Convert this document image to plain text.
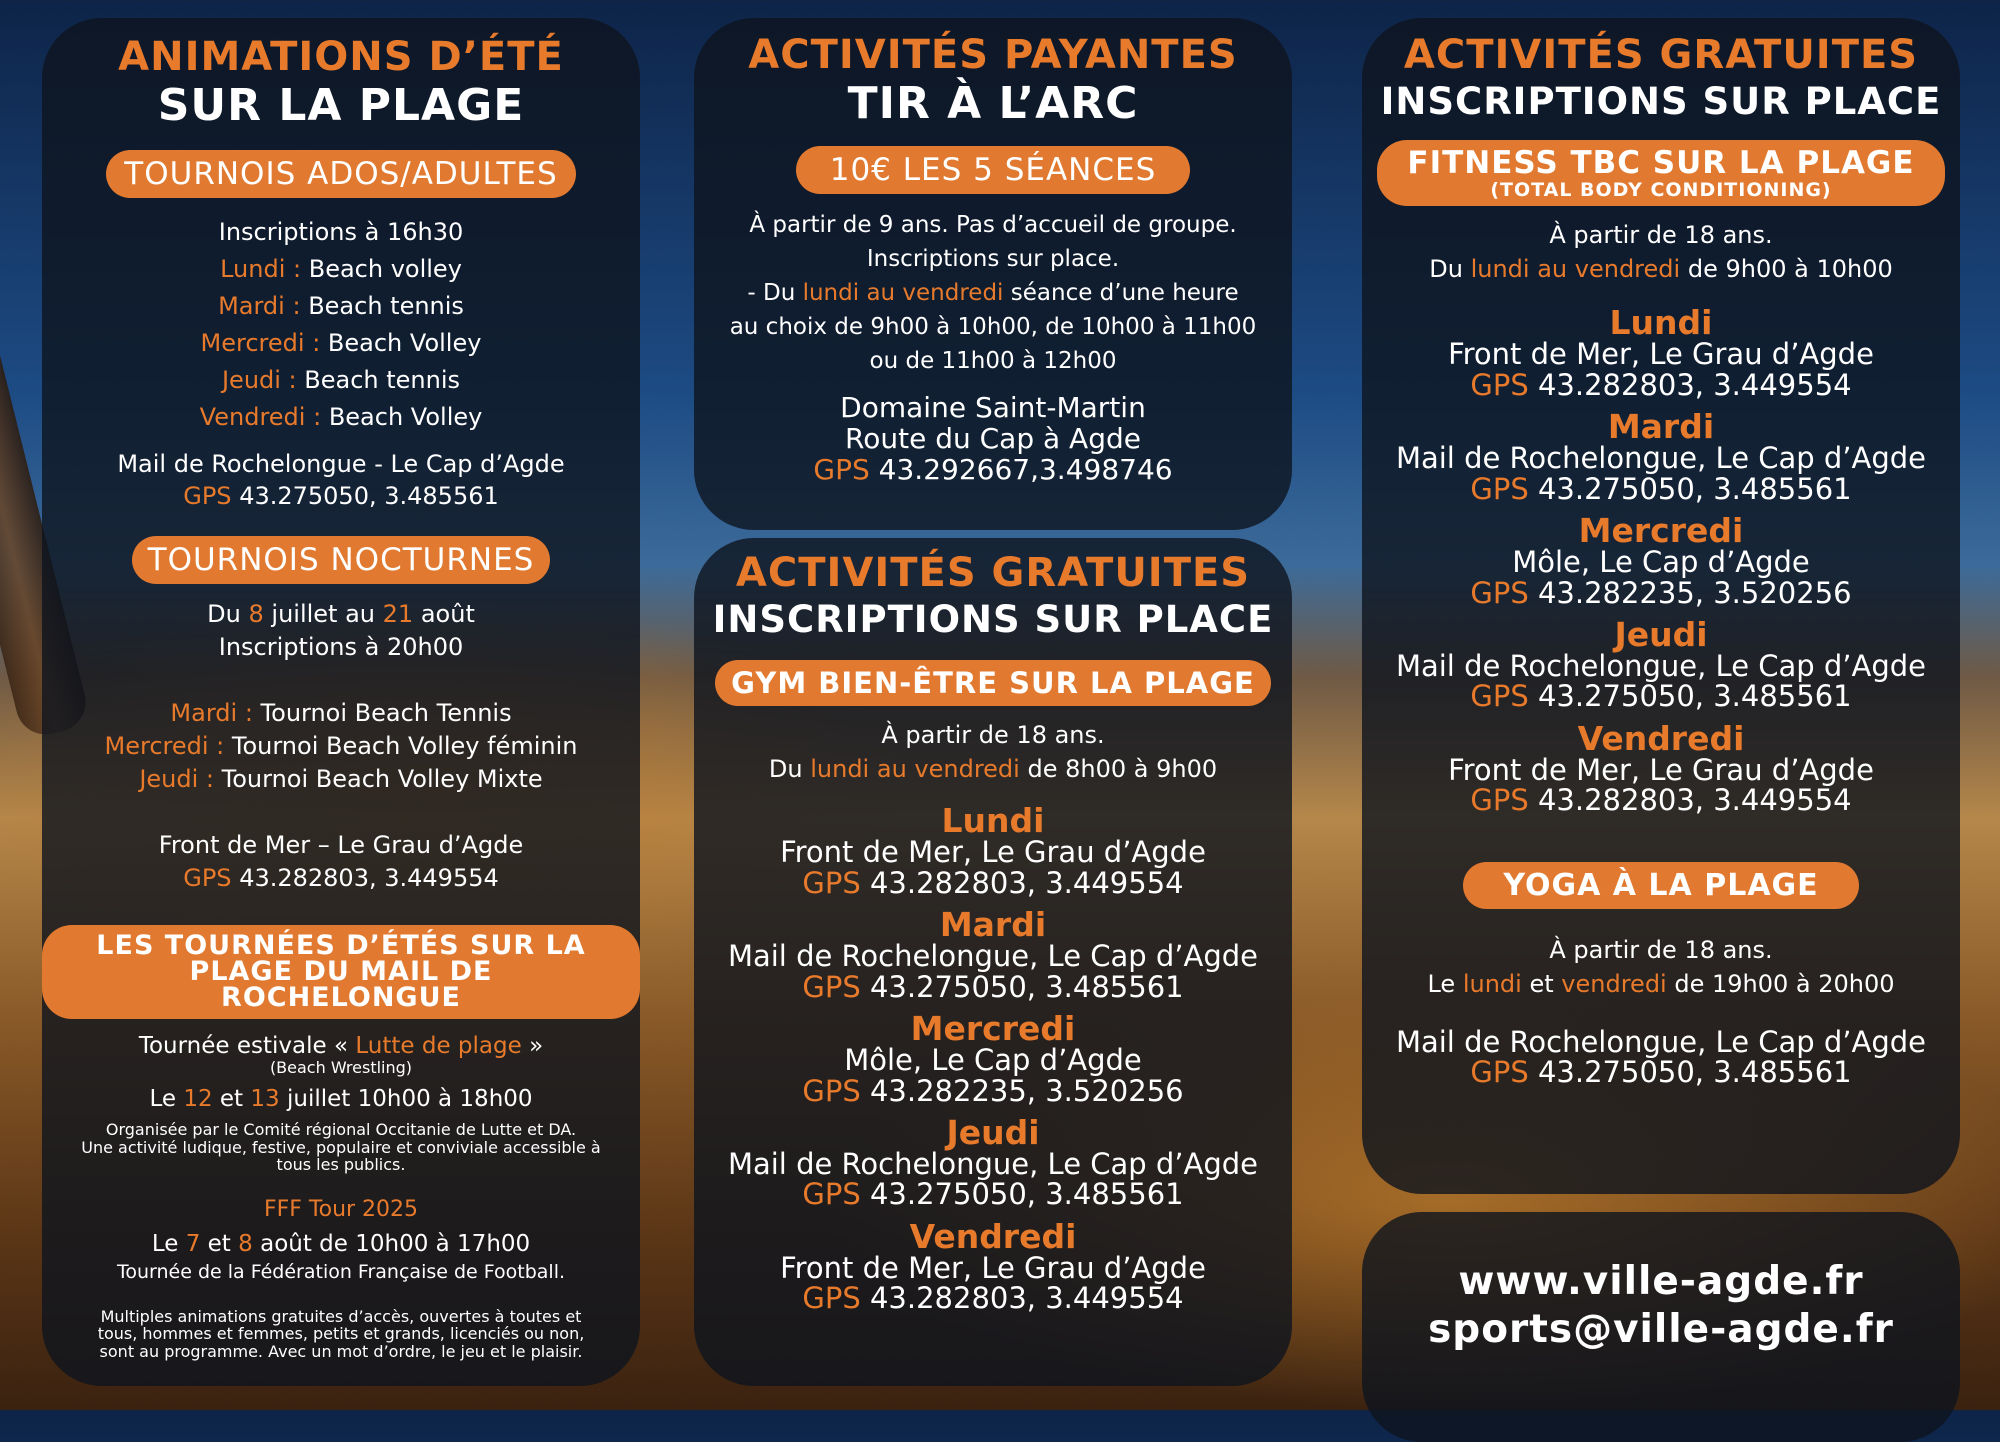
ANIMATIONS D’ÉTÉ
SUR LA PLAGE
TOURNOIS ADOS/ADULTES
Inscriptions à 16h30
Lundi : Beach volley
Mardi : Beach tennis
Mercredi : Beach Volley
Jeudi : Beach tennis
Vendredi : Beach Volley
Mail de Rochelongue - Le Cap d’Agde
GPS 43.275050, 3.485561
TOURNOIS NOCTURNES
Du 8 juillet au 21 août
Inscriptions à 20h00
Mardi : Tournoi Beach Tennis
Mercredi : Tournoi Beach Volley féminin
Jeudi : Tournoi Beach Volley Mixte
Front de Mer – Le Grau d’Agde
GPS 43.282803, 3.449554
LES TOURNÉES D’ÉTÉS SUR LA
PLAGE DU MAIL DE ROCHELONGUE
Tournée estivale « Lutte de plage »
(Beach Wrestling)
Le 12 et 13 juillet 10h00 à 18h00
Organisée par le Comité régional Occitanie de Lutte et DA.
Une activité ludique, festive, populaire et conviviale accessible à
tous les publics.
FFF Tour 2025
Le 7 et 8 août de 10h00 à 17h00
Tournée de la Fédération Française de Football.
Multiples animations gratuites d’accès, ouvertes à toutes et
tous, hommes et femmes, petits et grands, licenciés ou non,
sont au programme. Avec un mot d’ordre, le jeu et le plaisir.
ACTIVITÉS PAYANTES
TIR À L’ARC
10€ LES 5 SÉANCES
À partir de 9 ans. Pas d’accueil de groupe.
Inscriptions sur place.
- Du lundi au vendredi séance d’une heure
au choix de 9h00 à 10h00, de 10h00 à 11h00
ou de 11h00 à 12h00
Domaine Saint-Martin
Route du Cap à Agde
GPS 43.292667,3.498746
ACTIVITÉS GRATUITES
INSCRIPTIONS SUR PLACE
GYM BIEN-ÊTRE SUR LA PLAGE
À partir de 18 ans.
Du lundi au vendredi de 8h00 à 9h00
Lundi
Front de Mer, Le Grau d’Agde
GPS 43.282803, 3.449554
Mardi
Mail de Rochelongue, Le Cap d’Agde
GPS 43.275050, 3.485561
Mercredi
Môle, Le Cap d’Agde
GPS 43.282235, 3.520256
Jeudi
Mail de Rochelongue, Le Cap d’Agde
GPS 43.275050, 3.485561
Vendredi
Front de Mer, Le Grau d’Agde
GPS 43.282803, 3.449554
ACTIVITÉS GRATUITES
INSCRIPTIONS SUR PLACE
FITNESS TBC SUR LA PLAGE
(TOTAL BODY CONDITIONING)
À partir de 18 ans.
Du lundi au vendredi de 9h00 à 10h00
Lundi
Front de Mer, Le Grau d’Agde
GPS 43.282803, 3.449554
Mardi
Mail de Rochelongue, Le Cap d’Agde
GPS 43.275050, 3.485561
Mercredi
Môle, Le Cap d’Agde
GPS 43.282235, 3.520256
Jeudi
Mail de Rochelongue, Le Cap d’Agde
GPS 43.275050, 3.485561
Vendredi
Front de Mer, Le Grau d’Agde
GPS 43.282803, 3.449554
YOGA À LA PLAGE
À partir de 18 ans.
Le lundi et vendredi de 19h00 à 20h00
Mail de Rochelongue, Le Cap d’Agde
GPS 43.275050, 3.485561
www.ville-agde.fr
sports@ville-agde.fr
